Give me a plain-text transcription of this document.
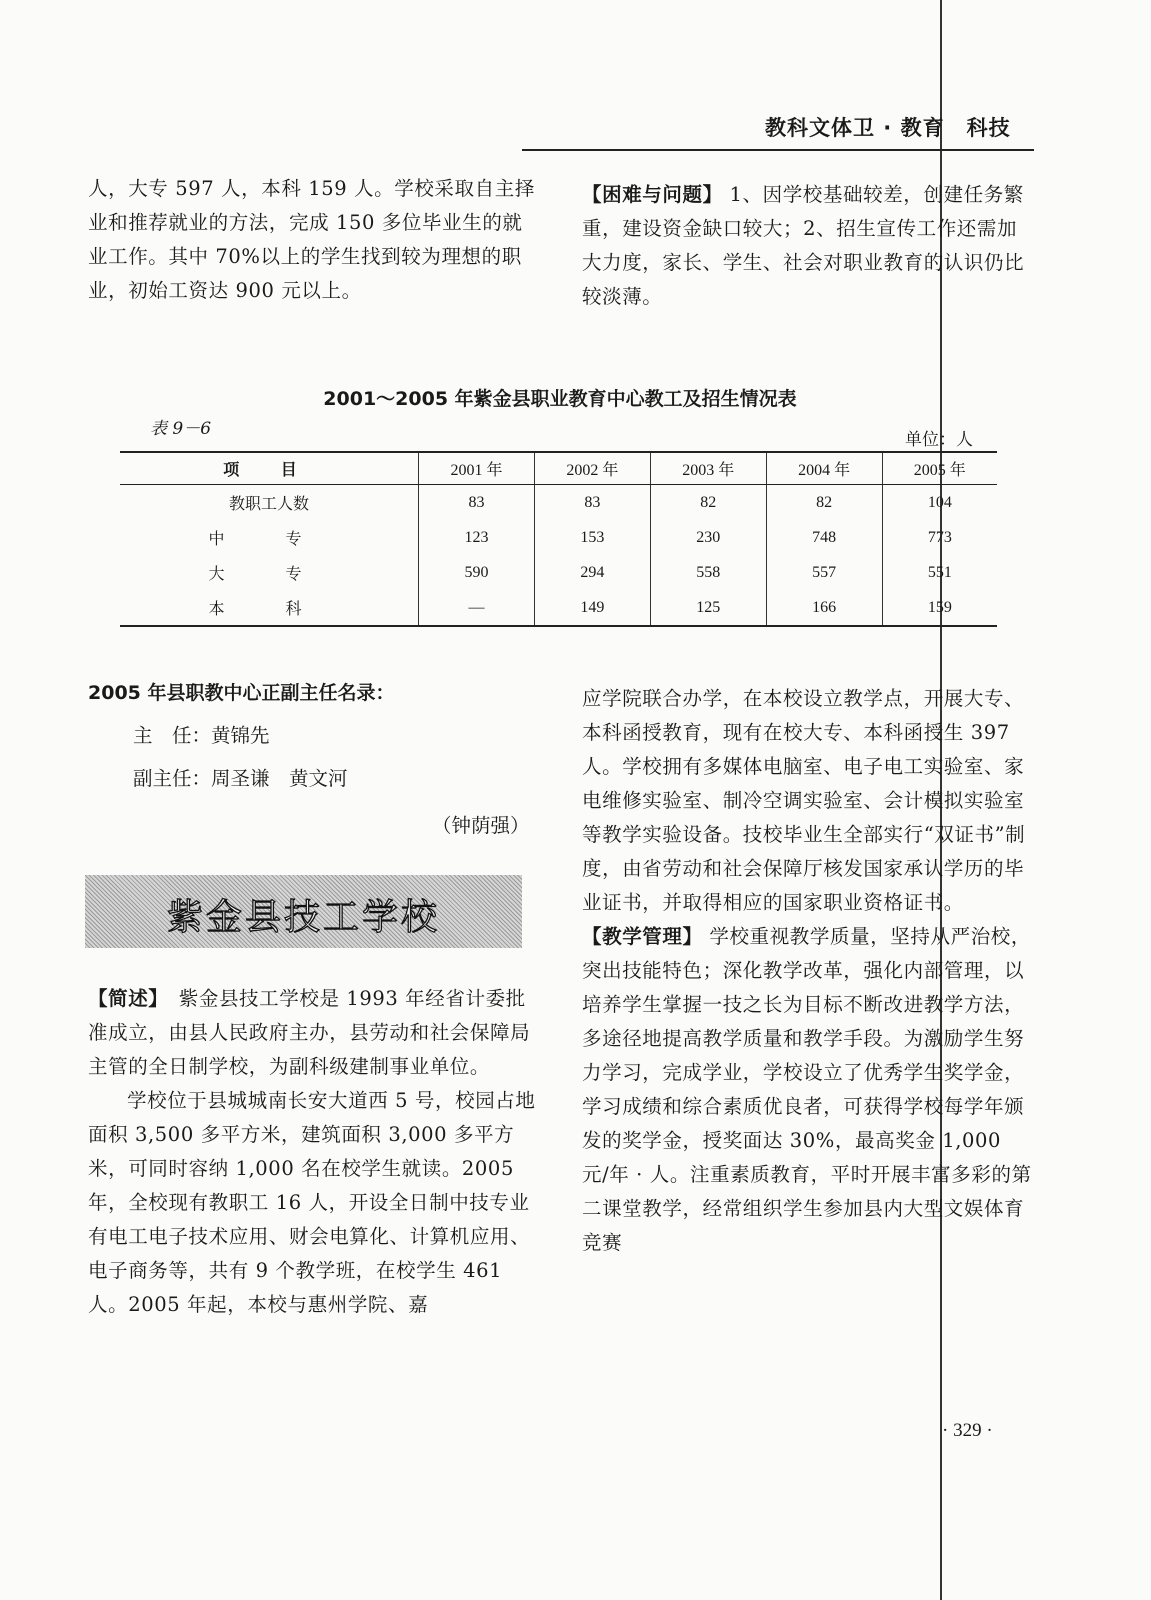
教科文体卫 · 教育　科技

人，大专 597 人，本科 159 人。学校采取自主择业和推荐就业的方法，完成 150 多位毕业生的就业工作。其中 70%以上的学生找到较为理想的职业，初始工资达 900 元以上。

【困难与问题】 1、因学校基础较差，创建任务繁重，建设资金缺口较大；2、招生宣传工作还需加大力度，家长、学生、社会对职业教育的认识仍比较淡薄。

2001～2005 年紫金县职业教育中心教工及招生情况表
表 9－6
单位：人
项 目	2001 年	2002 年	2003 年	2004 年	2005 年
教职工人数	83	83	82	82	104
中 专	123	153	230	748	773
大 专	590	294	558	557	551
本 科	—	149	125	166	159
2005 年县职教中心正副主任名录：
主　任：黄锦先
副主任：周圣谦　黄文河
（钟荫强）
紫金县技工学校

【简述】　紫金县技工学校是 1993 年经省计委批准成立，由县人民政府主办，县劳动和社会保障局主管的全日制学校，为副科级建制事业单位。

学校位于县城城南长安大道西 5 号，校园占地面积 3,500 多平方米，建筑面积 3,000 多平方米，可同时容纳 1,000 名在校学生就读。2005 年，全校现有教职工 16 人，开设全日制中技专业有电工电子技术应用、财会电算化、计算机应用、电子商务等，共有 9 个教学班，在校学生 461 人。2005 年起，本校与惠州学院、嘉

应学院联合办学，在本校设立教学点，开展大专、本科函授教育，现有在校大专、本科函授生 397 人。学校拥有多媒体电脑室、电子电工实验室、家电维修实验室、制冷空调实验室、会计模拟实验室等教学实验设备。技校毕业生全部实行“双证书”制度，由省劳动和社会保障厅核发国家承认学历的毕业证书，并取得相应的国家职业资格证书。

【教学管理】 学校重视教学质量，坚持从严治校，突出技能特色；深化教学改革，强化内部管理，以培养学生掌握一技之长为目标不断改进教学方法，多途径地提高教学质量和教学手段。为激励学生努力学习，完成学业，学校设立了优秀学生奖学金，学习成绩和综合素质优良者，可获得学校每学年颁发的奖学金，授奖面达 30%，最高奖金 1,000 元/年 · 人。注重素质教育，平时开展丰富多彩的第二课堂教学，经常组织学生参加县内大型文娱体育竞赛

· 329 ·
